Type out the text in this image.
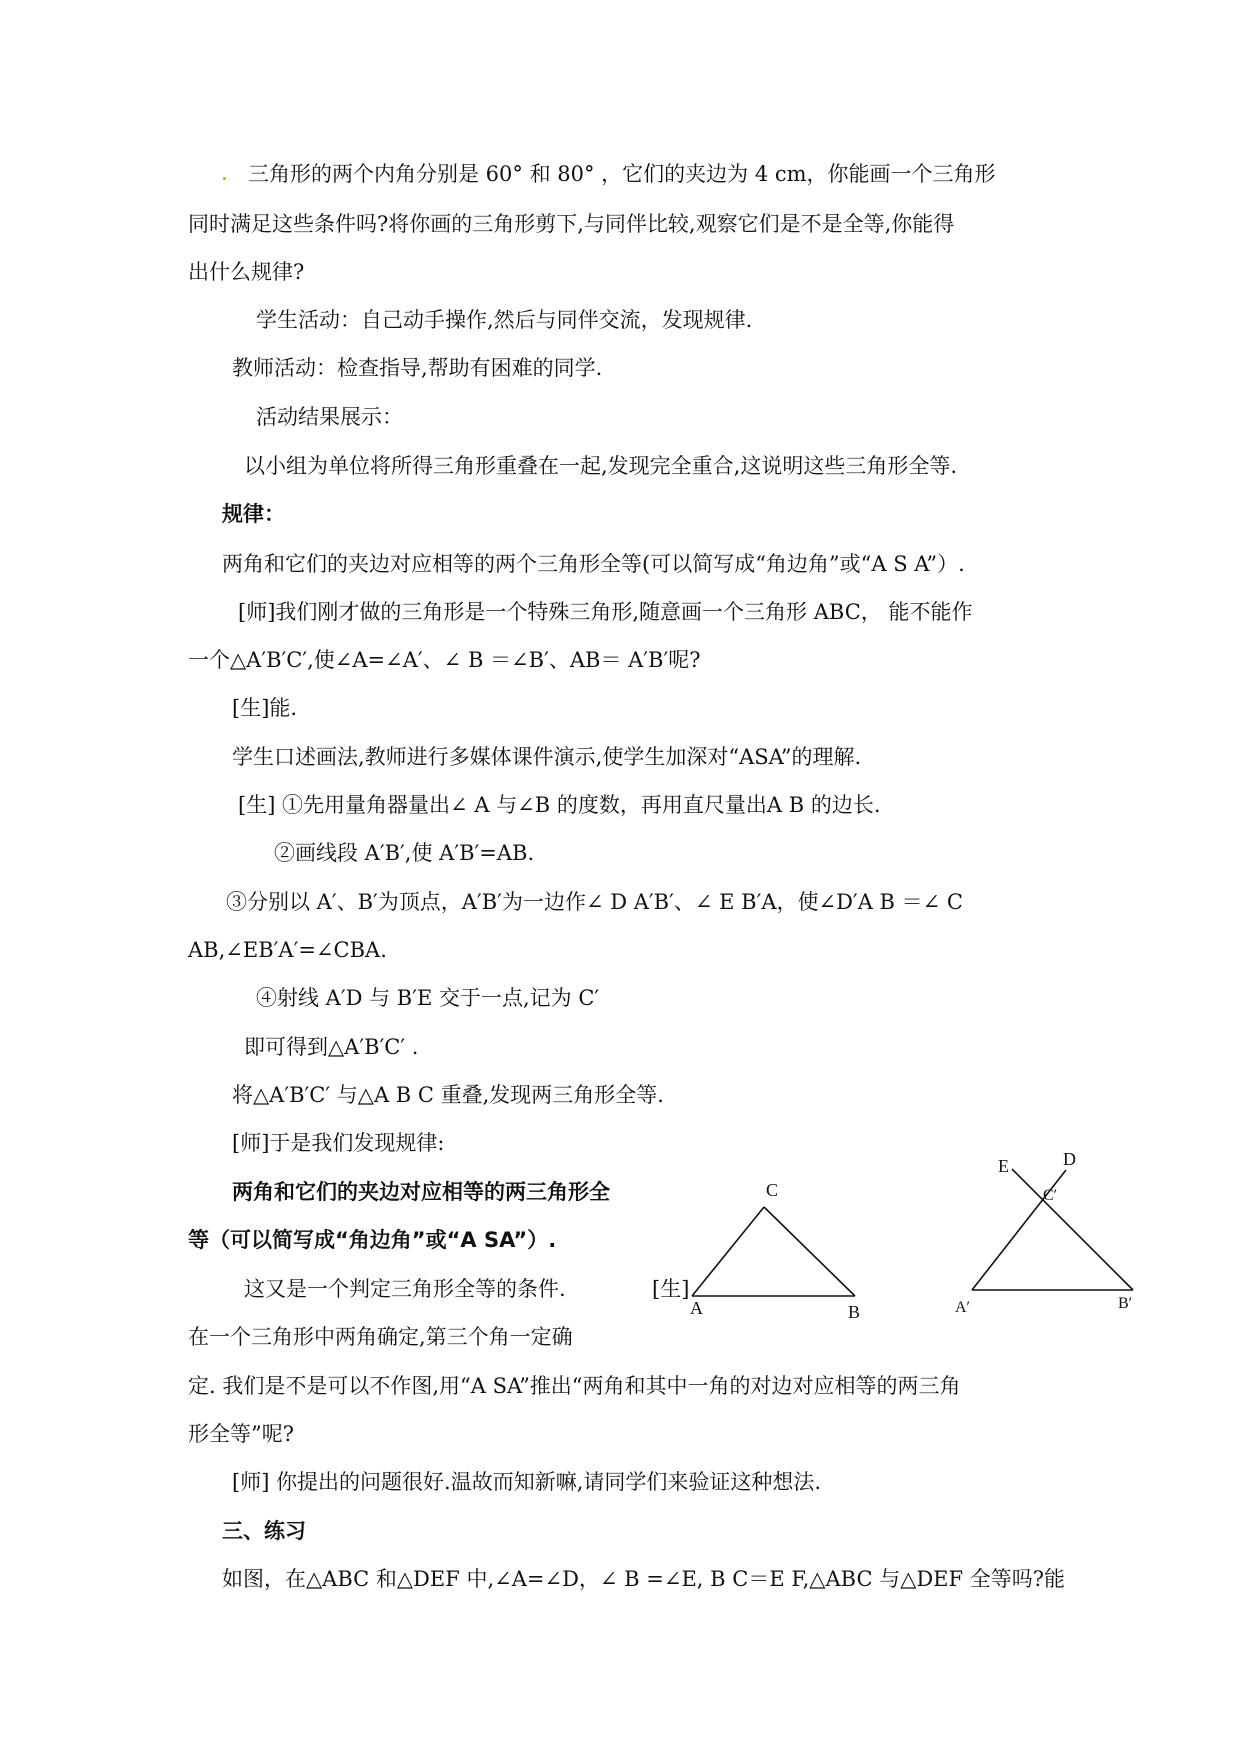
三角形的两个内角分别是 60° 和 80° ，它们的夹边为 4 cm，你能画一个三角形
同时满足这些条件吗?将你画的三角形剪下,与同伴比较,观察它们是不是全等,你能得
出什么规律?
学生活动：自己动手操作,然后与同伴交流，发现规律.
教师活动：检查指导,帮助有困难的同学.
活动结果展示：
以小组为单位将所得三角形重叠在一起,发现完全重合,这说明这些三角形全等.
规律：
两角和它们的夹边对应相等的两个三角形全等(可以简写成“角边角”或“A S A”）.
[师]我们刚才做的三角形是一个特殊三角形,随意画一个三角形 ABC， 能不能作
一个△A′B′C′,使∠A=∠A′、∠ B ＝∠B′、AB＝ A′B′呢?
[生]能.
学生口述画法,教师进行多媒体课件演示,使学生加深对“ASA”的理解.
[生] ①先用量角器量出∠ A 与∠B 的度数，再用直尺量出A B 的边长.
②画线段 A′B′,使 A′B′=AB.
③分别以 A′、B′为顶点，A′B′为一边作∠ D A′B′、∠ E B′A，使∠D′A B ＝∠ C
AB,∠EB′A′=∠CBA.
④射线 A′D 与 B′E 交于一点,记为 C′
即可得到△A′B′C′ .
将△A′B′C′ 与△A B C 重叠,发现两三角形全等.
[师]于是我们发现规律:
两角和它们的夹边对应相等的两三角形全
等（可以简写成“角边角”或“A SA”）.
这又是一个判定三角形全等的条件.	[生]
在一个三角形中两角确定,第三个角一定确
定. 我们是不是可以不作图,用“A SA”推出“两角和其中一角的对边对应相等的两三角
形全等”呢?
[师] 你提出的问题很好.温故而知新嘛,请同学们来验证这种想法.
三、练习
如图，在△ABC 和△DEF 中,∠A=∠D，∠ B =∠E, B C＝E F,△ABC 与△DEF 全等吗?能
C
A	B
E	D
C′
A′	B′
